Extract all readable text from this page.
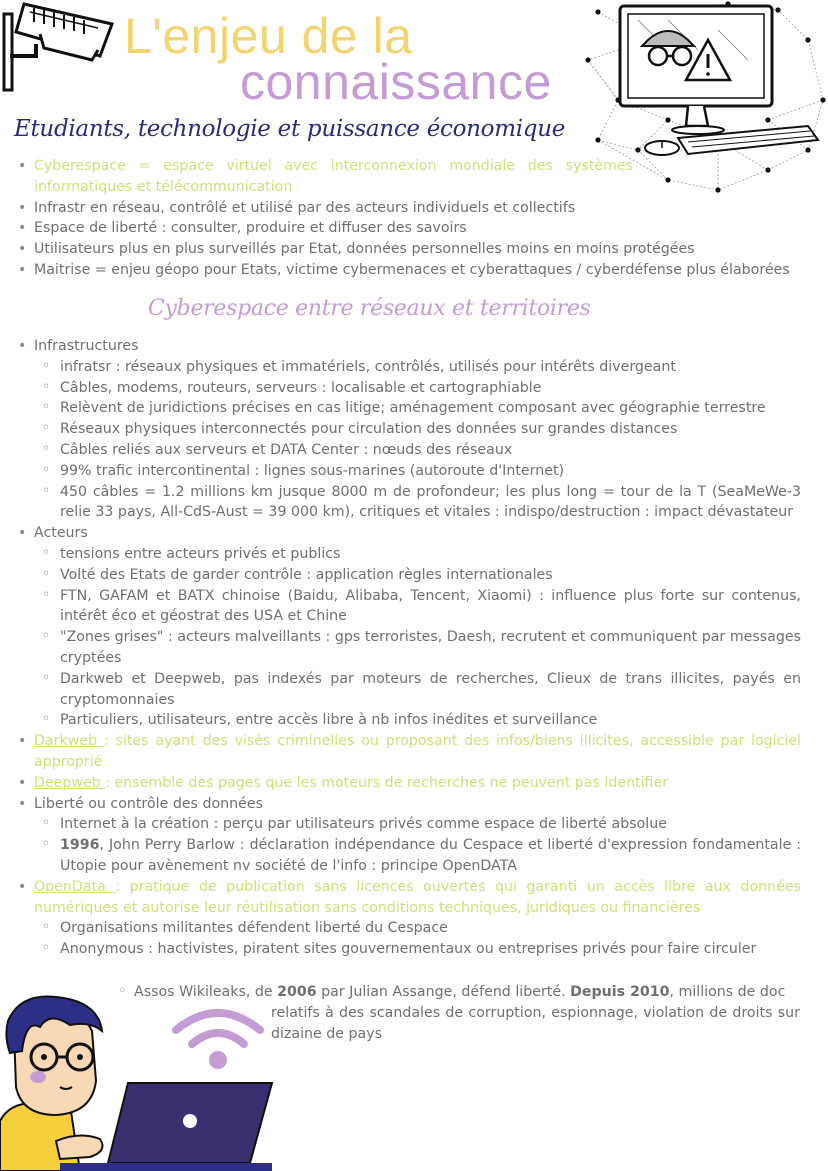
L'enjeu de la
connaissance
Etudiants, technologie et puissance économique
• Cyberespace = espace virtuel avec interconnexion mondiale des systèmes informatiques et télécommunication
• Infrastr en réseau, contrôlé et utilisé par des acteurs individuels et collectifs
• Espace de liberté : consulter, produire et diffuser des savoirs
• Utilisateurs plus en plus surveillés par Etat, données personnelles moins en moins protégées
• Maitrise = enjeu géopo pour Etats, victime cybermenaces et cyberattaques / cyberdéfense plus élaborées
Cyberespace entre réseaux et territoires
• Infrastructures
◦ infratsr : réseaux physiques et immatériels, contrôlés, utilisés pour intérêts divergeant
◦ Câbles, modems, routeurs, serveurs : localisable et cartographiable
◦ Relèvent de juridictions précises en cas litige; aménagement composant avec géographie terrestre
◦ Réseaux physiques interconnectés pour circulation des données sur grandes distances
◦ Câbles reliés aux serveurs et DATA Center : nœuds des réseaux
◦ 99% trafic intercontinental : lignes sous-marines (autoroute d'Internet)
◦ 450 câbles = 1.2 millions km jusque 8000 m de profondeur; les plus long = tour de la T (SeaMeWe-3 relie 33 pays, All-CdS-Aust = 39 000 km), critiques et vitales : indispo/destruction : impact dévastateur
• Acteurs
◦ tensions entre acteurs privés et publics
◦ Volté des Etats de garder contrôle : application règles internationales
◦ FTN, GAFAM et BATX chinoise (Baidu, Alibaba, Tencent, Xiaomi) : influence plus forte sur contenus, intérêt éco et géostrat des USA et Chine
◦ "Zones grises" : acteurs malveillants : gps terroristes, Daesh, recrutent et communiquent par messages cryptées
◦ Darkweb et Deepweb, pas indexés par moteurs de recherches, Clieux de trans illicites, payés en cryptomonnaies
◦ Particuliers, utilisateurs, entre accès libre à nb infos inédites et surveillance
• Darkweb : sites ayant des visés criminelles ou proposant des infos/biens illicites, accessible par logiciel approprié
• Deepweb : ensemble des pages que les moteurs de recherches ne peuvent pas identifier
• Liberté ou contrôle des données
◦ Internet à la création : perçu par utilisateurs privés comme espace de liberté absolue
◦ 1996, John Perry Barlow : déclaration indépendance du Cespace et liberté d'expression fondamentale : Utopie pour avènement nv société de l'info : principe OpenDATA
• OpenData : pratique de publication sans licences ouvertes qui garanti un accès libre aux données numériques et autorise leur réutilisation sans conditions techniques, juridiques ou financières
◦ Organisations militantes défendent liberté du Cespace
◦ Anonymous : hactivistes, piratent sites gouvernementaux ou entreprises privés pour faire circuler
◦ Assos Wikileaks, de 2006 par Julian Assange, défend liberté. Depuis 2010, millions de doc
relatifs à des scandales de corruption, espionnage, violation de droits sur dizaine de pays
